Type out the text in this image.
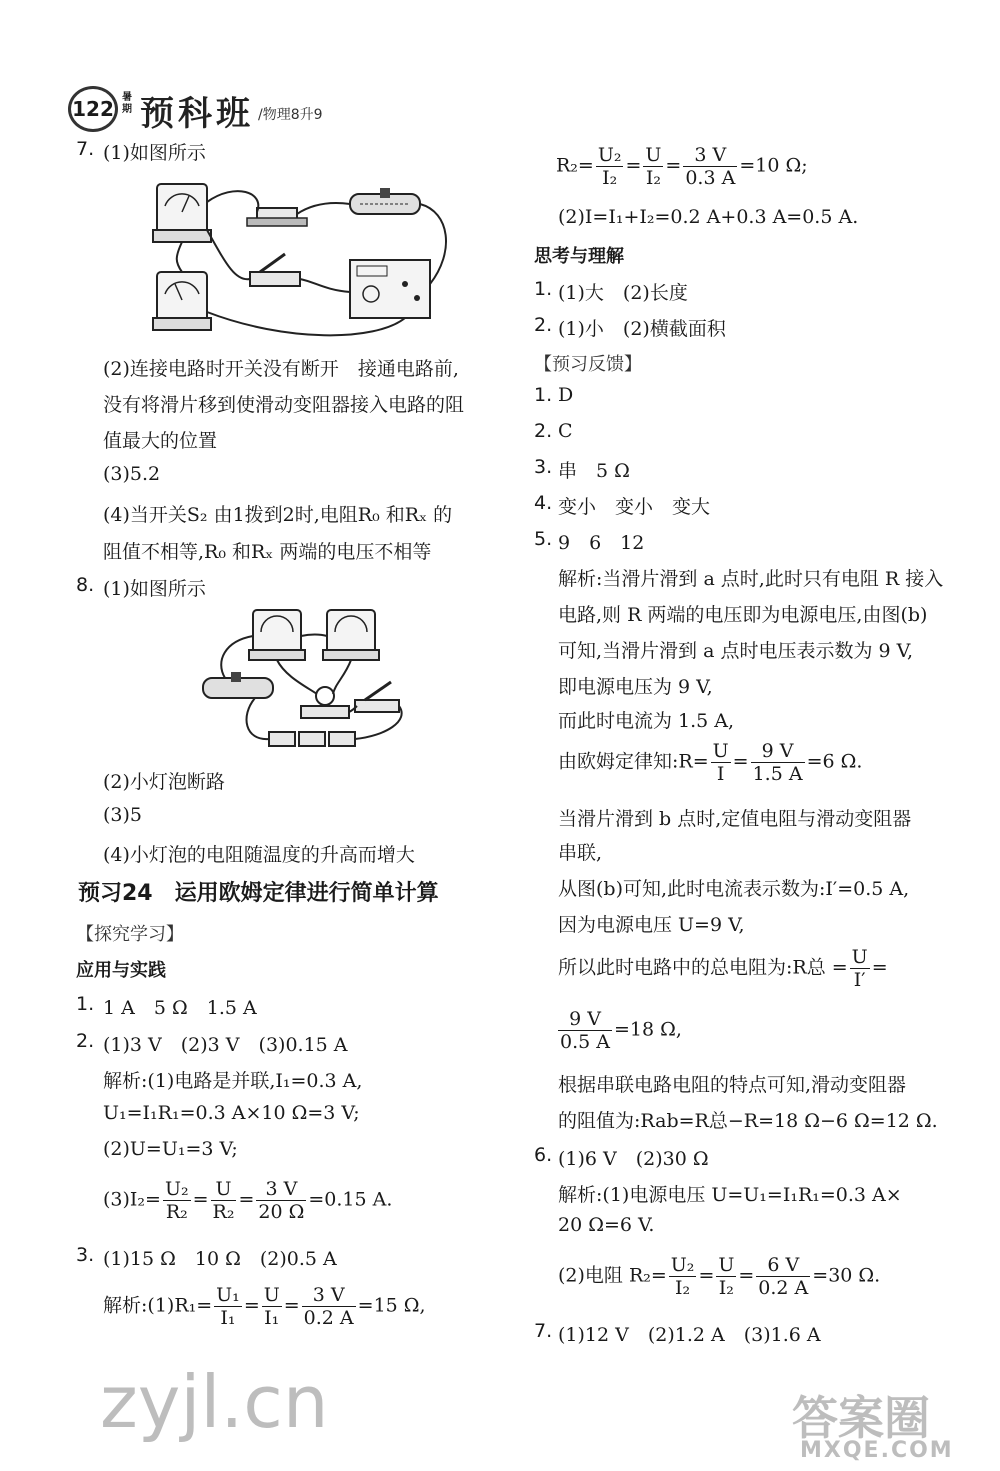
122 预科班
暑期	/物理8升9
7. (1)如图所示
(2)连接电路时开关没有断开　接通电路前,
没有将滑片移到使滑动变阻器接入电路的阻
值最大的位置
(3)5.2
(4)当开关S₂ 由1拨到2时,电阻R₀ 和Rₓ 的
阻值不相等,R₀ 和Rₓ 两端的电压不相等
8. (1)如图所示
(2)小灯泡断路
(3)5
(4)小灯泡的电阻随温度的升高而增大
预习24　运用欧姆定律进行简单计算
【探究学习】
应用与实践
1. 1 A　5 Ω　1.5 A
2. (1)3 V　(2)3 V　(3)0.15 A
解析:(1)电路是并联,I₁=0.3 A,
U₁=I₁R₁=0.3 A×10 Ω=3 V;
(2)U=U₁=3 V;
$(3)I_2= \frac{\text{U₂}}{\text{R₂}} = \frac{U}{\text{R₂}} = \frac{3 V}{20 \Omega} =0.15$ A.
3. (1)15 Ω　10 Ω　(2)0.5 A
解析:(1)R₁= $\frac{\text{U₁}}{\text{I₁}} = \frac{U}{\text{I₁}} = \frac{3 V}{0.2 A} =15$ Ω,
zyjl.cn
$R_2= \frac{\text{U₂}}{\text{I₂}} = \frac{U}{\text{I₂}} = \frac{3 V}{0.3 A} =10$ Ω;
(2)I=I₁+I₂=0.2 A+0.3 A=0.5 A.
思考与理解
1. (1)大　(2)长度
2. (1)小　(2)横截面积
【预习反馈】
1. D
2. C
3. 串　5 Ω
4. 变小　变小　变大
5. 9　6　12
解析:当滑片滑到 a 点时,此时只有电阻 R 接入
电路,则 R 两端的电压即为电源电压,由图(b)
可知,当滑片滑到 a 点时电压表示数为 9 V,
即电源电压为 9 V,
而此时电流为 1.5 A,
由欧姆定律知:R= $\frac{U}{I} = \frac{9 V}{1.5 A} =6$ Ω.
当滑片滑到 b 点时,定值电阻与滑动变阻器
串联,
从图(b)可知,此时电流表示数为:I′=0.5 A,
因为电源电压 U=9 V,
所以此时电路中的总电阻为:R总 = $\frac{U}{I'}$ =
$\frac{9 V}{0.5 A} =18$ Ω,
根据串联电路电阻的特点可知,滑动变阻器
的阻值为:Rab=R总−R=18 Ω−6 Ω=12 Ω.
6. (1)6 V　(2)30 Ω
解析:(1)电源电压 U=U₁=I₁R₁=0.3 A×
20 Ω=6 V.
(2)电阻 $R_2= \frac{\text{U₂}}{\text{I₂}} = \frac{U}{\text{I₂}} = \frac{6 V}{0.2 A} =30$ Ω.
7. (1)12 V　(2)1.2 A　(3)1.6 A
答案圈
MXQE.COM
